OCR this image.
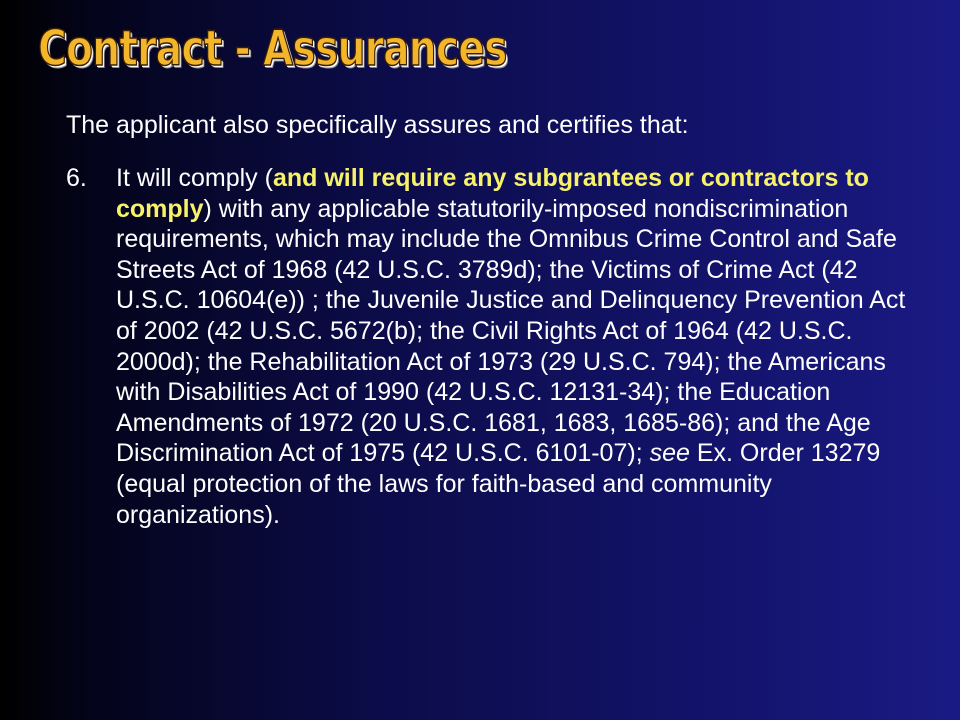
Contract - Assurances

The applicant also specifically assures and certifies that:

6. It will comply (and will require any subgrantees or contractors to comply) with any applicable statutorily-imposed nondiscrimination requirements, which may include the Omnibus Crime Control and Safe Streets Act of 1968 (42 U.S.C. 3789d); the Victims of Crime Act (42 U.S.C. 10604(e)) ; the Juvenile Justice and Delinquency Prevention Act of 2002 (42 U.S.C. 5672(b); the Civil Rights Act of 1964 (42 U.S.C. 2000d); the Rehabilitation Act of 1973 (29 U.S.C. 794); the Americans with Disabilities Act of 1990 (42 U.S.C. 12131-34); the Education Amendments of 1972 (20 U.S.C. 1681, 1683, 1685-86); and the Age Discrimination Act of 1975 (42 U.S.C. 6101-07); see Ex. Order 13279 (equal protection of the laws for faith-based and community organizations).
